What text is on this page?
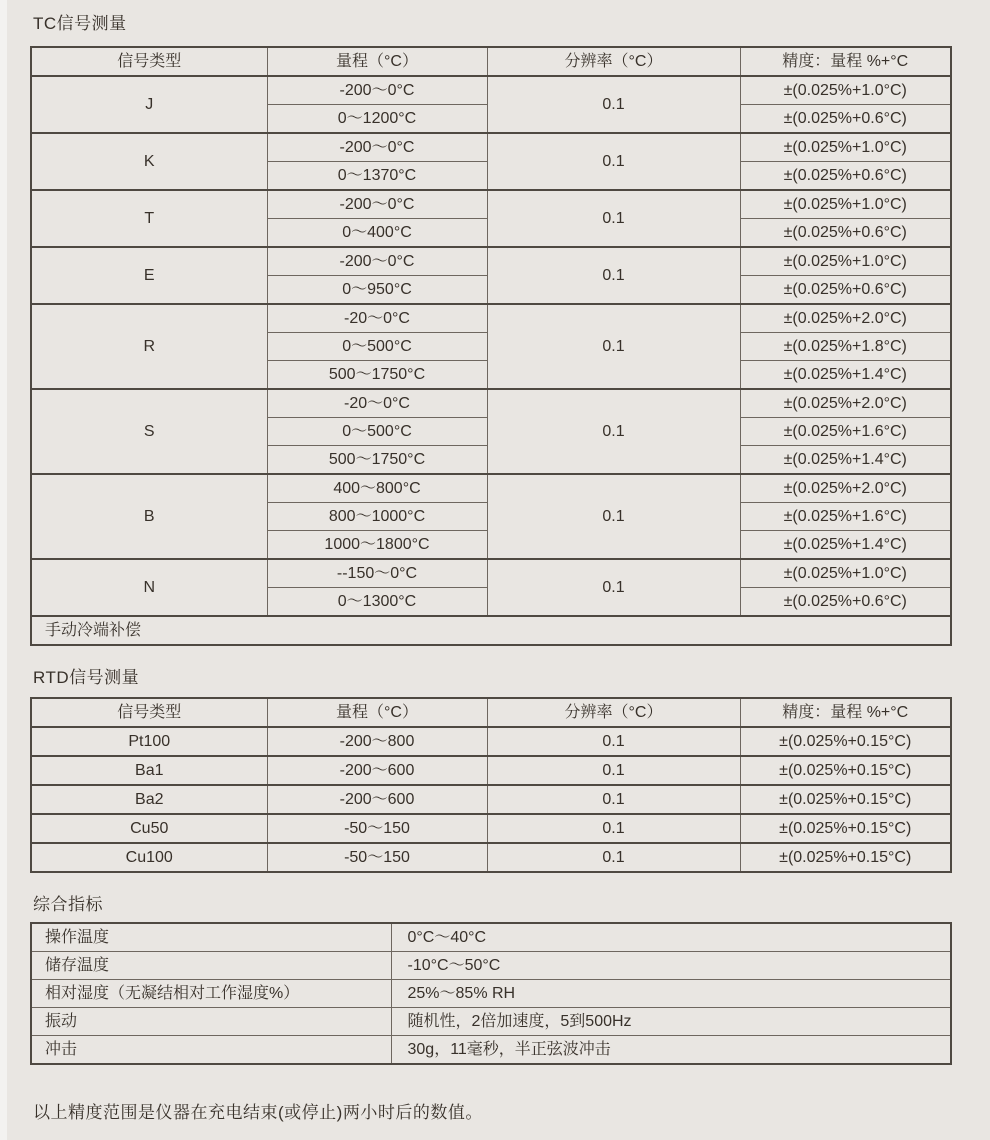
TC信号测量
信号类型	量程（°C）	分辨率（°C）	精度：量程 %+°C
J	-200～0°C	0.1	±(0.025%+1.0°C)
	0～1200°C		±(0.025%+0.6°C)
K	-200～0°C	0.1	±(0.025%+1.0°C)
	0～1370°C		±(0.025%+0.6°C)
T	-200～0°C	0.1	±(0.025%+1.0°C)
	0～400°C		±(0.025%+0.6°C)
E	-200～0°C	0.1	±(0.025%+1.0°C)
	0～950°C		±(0.025%+0.6°C)
R	-20～0°C	0.1	±(0.025%+2.0°C)
	0～500°C		±(0.025%+1.8°C)
	500～1750°C		±(0.025%+1.4°C)
S	-20～0°C	0.1	±(0.025%+2.0°C)
	0～500°C		±(0.025%+1.6°C)
	500～1750°C		±(0.025%+1.4°C)
B	400～800°C	0.1	±(0.025%+2.0°C)
	800～1000°C		±(0.025%+1.6°C)
	1000～1800°C		±(0.025%+1.4°C)
N	--150～0°C	0.1	±(0.025%+1.0°C)
	0～1300°C		±(0.025%+0.6°C)
手动冷端补偿			
RTD信号测量
信号类型	量程（°C）	分辨率（°C）	精度：量程 %+°C
Pt100	-200～800	0.1	±(0.025%+0.15°C)
Ba1	-200～600	0.1	±(0.025%+0.15°C)
Ba2	-200～600	0.1	±(0.025%+0.15°C)
Cu50	-50～150	0.1	±(0.025%+0.15°C)
Cu100	-50～150	0.1	±(0.025%+0.15°C)
综合指标
操作温度	0°C～40°C
储存温度	-10°C～50°C
相对湿度（无凝结相对工作湿度%）	25%～85% RH
振动	随机性，2倍加速度，5到500Hz
冲击	30g，11毫秒，半正弦波冲击
以上精度范围是仪器在充电结束(或停止)两小时后的数值。
